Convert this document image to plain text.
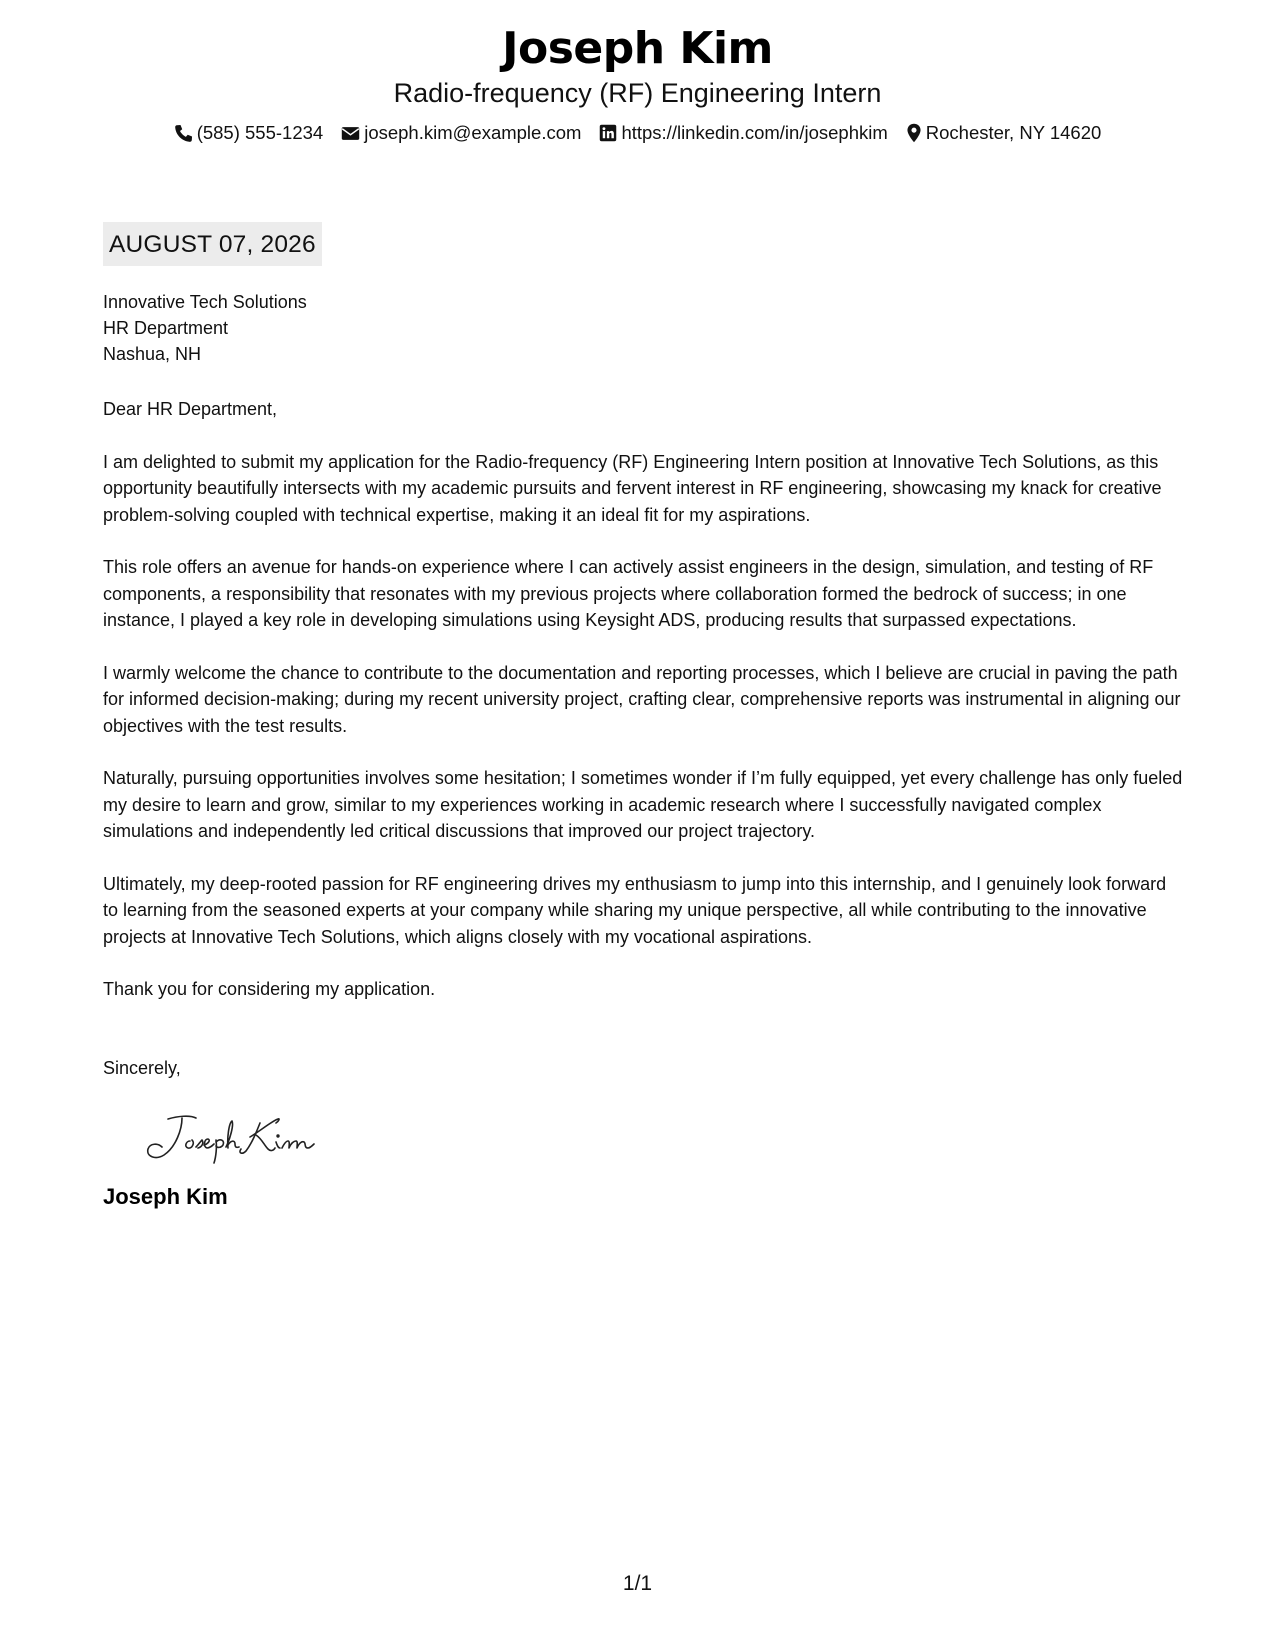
Joseph Kim
Radio-frequency (RF) Engineering Intern
(585) 555-1234 joseph.kim@example.com https://linkedin.com/in/josephkim Rochester, NY 14620
AUGUST 07, 2026
Innovative Tech Solutions
HR Department
Nashua, NH
Dear HR Department,
I am delighted to submit my application for the Radio-frequency (RF) Engineering Intern position at Innovative Tech Solutions, as this opportunity beautifully intersects with my academic pursuits and fervent interest in RF engineering, showcasing my knack for creative problem-solving coupled with technical expertise, making it an ideal fit for my aspirations.
This role offers an avenue for hands-on experience where I can actively assist engineers in the design, simulation, and testing of RF components, a responsibility that resonates with my previous projects where collaboration formed the bedrock of success; in one instance, I played a key role in developing simulations using Keysight ADS, producing results that surpassed expectations.
I warmly welcome the chance to contribute to the documentation and reporting processes, which I believe are crucial in paving the path for informed decision-making; during my recent university project, crafting clear, comprehensive reports was instrumental in aligning our objectives with the test results.
Naturally, pursuing opportunities involves some hesitation; I sometimes wonder if I’m fully equipped, yet every challenge has only fueled my desire to learn and grow, similar to my experiences working in academic research where I successfully navigated complex simulations and independently led critical discussions that improved our project trajectory.
Ultimately, my deep-rooted passion for RF engineering drives my enthusiasm to jump into this internship, and I genuinely look forward to learning from the seasoned experts at your company while sharing my unique perspective, all while contributing to the innovative projects at Innovative Tech Solutions, which aligns closely with my vocational aspirations.
Thank you for considering my application.
Sincerely,
Joseph Kim
1/1
